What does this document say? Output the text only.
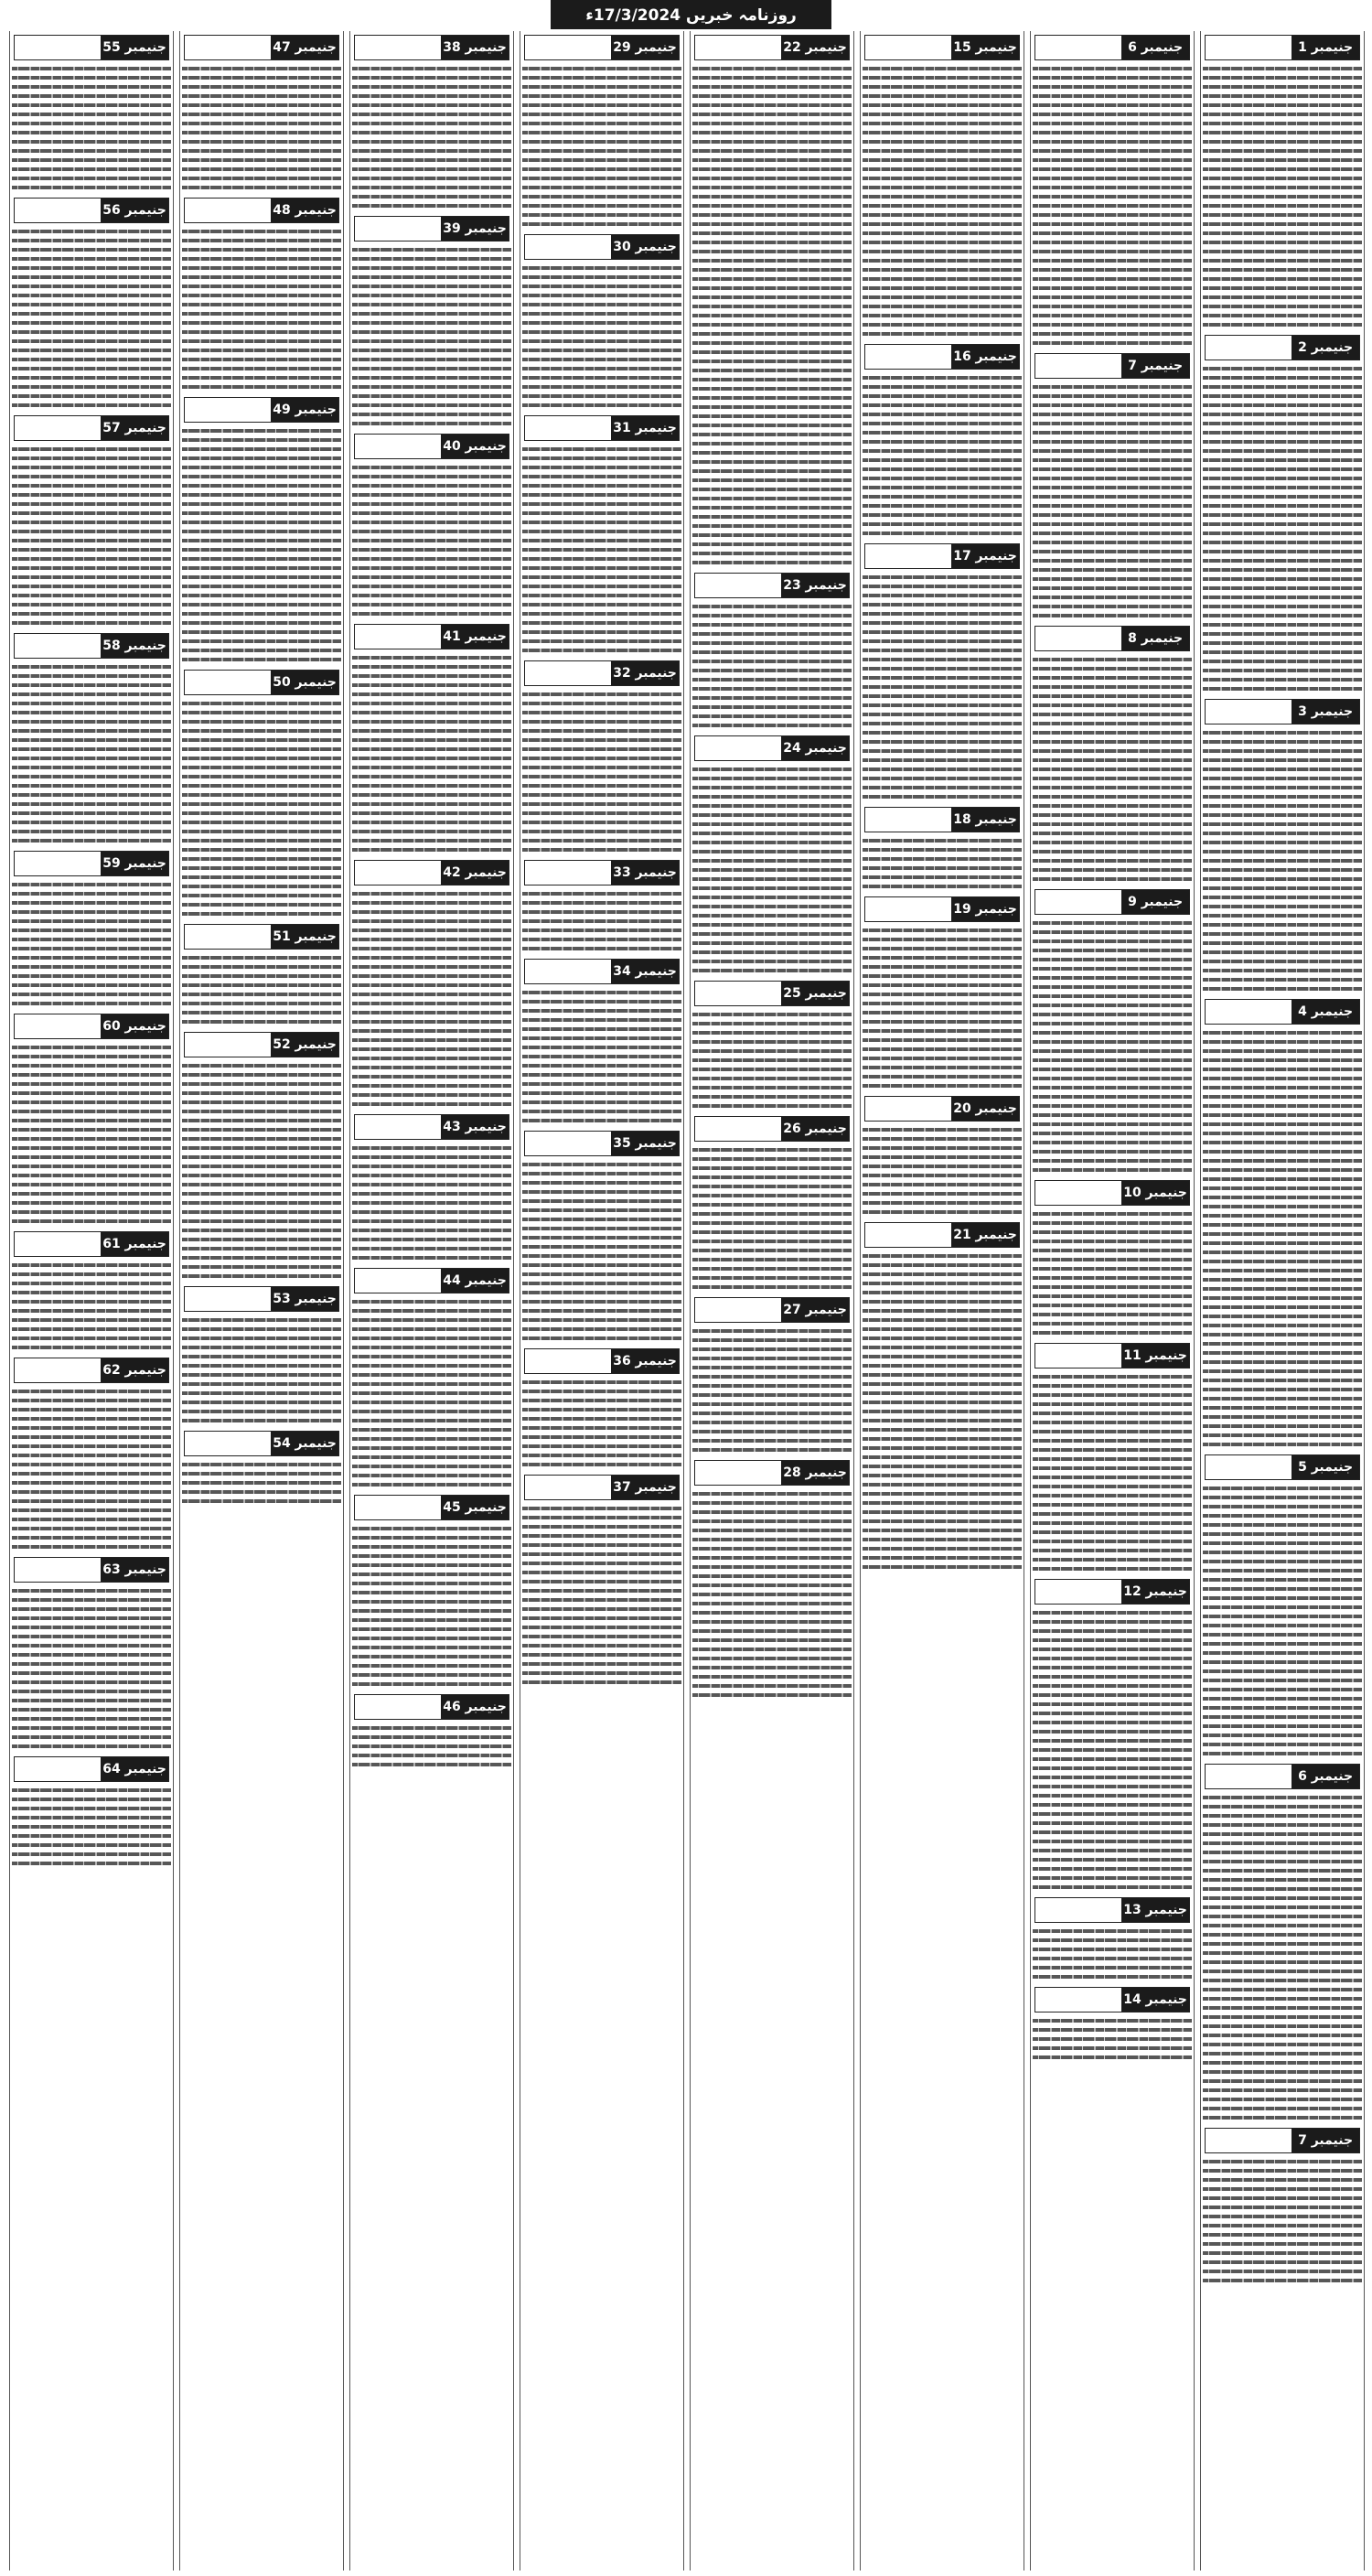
روزنامہ خبریں 17/3/2024ء
جنیمبر 1
جنیمبر 2
جنیمبر 3
جنیمبر 4
جنیمبر 5
جنیمبر 6
جنیمبر 7
جنیمبر 6
جنیمبر 7
جنیمبر 8
جنیمبر 9
جنیمبر 10
جنیمبر 11
جنیمبر 12
جنیمبر 13
جنیمبر 14
جنیمبر 15
جنیمبر 16
جنیمبر 17
جنیمبر 18
جنیمبر 19
جنیمبر 20
جنیمبر 21
جنیمبر 22
جنیمبر 23
جنیمبر 24
جنیمبر 25
جنیمبر 26
جنیمبر 27
جنیمبر 28
جنیمبر 29
جنیمبر 30
جنیمبر 31
جنیمبر 32
جنیمبر 33
جنیمبر 34
جنیمبر 35
جنیمبر 36
جنیمبر 37
جنیمبر 38
جنیمبر 39
جنیمبر 40
جنیمبر 41
جنیمبر 42
جنیمبر 43
جنیمبر 44
جنیمبر 45
جنیمبر 46
جنیمبر 47
جنیمبر 48
جنیمبر 49
جنیمبر 50
جنیمبر 51
جنیمبر 52
جنیمبر 53
جنیمبر 54
جنیمبر 55
جنیمبر 56
جنیمبر 57
جنیمبر 58
جنیمبر 59
جنیمبر 60
جنیمبر 61
جنیمبر 62
جنیمبر 63
جنیمبر 64
